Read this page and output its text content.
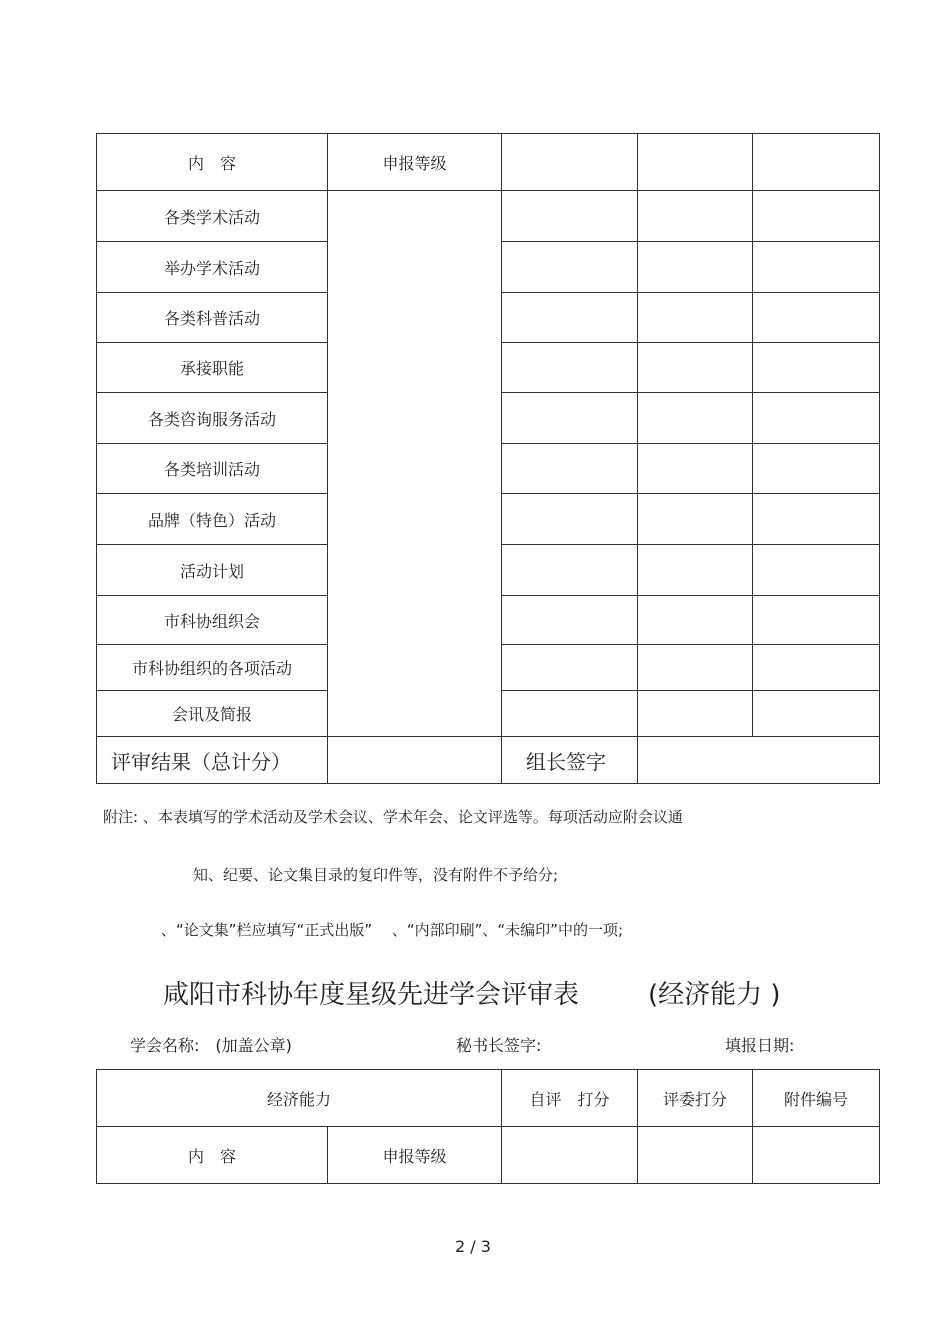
内　容	申报等级			
各类学术活动				
举办学术活动				
各类科普活动				
承接职能				
各类咨询服务活动				
各类培训活动				
品牌（特色）活动				
活动计划				
市科协组织会				
市科协组织的各项活动				
会讯及简报				
评审结果（总计分）		组长签字		
附注: 、本表填写的学术活动及学术会议、学术年会、论文评选等。每项活动应附会议通
知、纪要、论文集目录的复印件等，没有附件不予给分;
、“论文集”栏应填写“正式出版”　 、“内部印刷”、“未编印”中的一项;
咸阳市科协年度星级先进学会评审表	(经济能力 )
学会名称:　(加盖公章)	秘书长签字:	填报日期:
经济能力		自评　打分	评委打分	附件编号
内　容	申报等级			
2 / 3
